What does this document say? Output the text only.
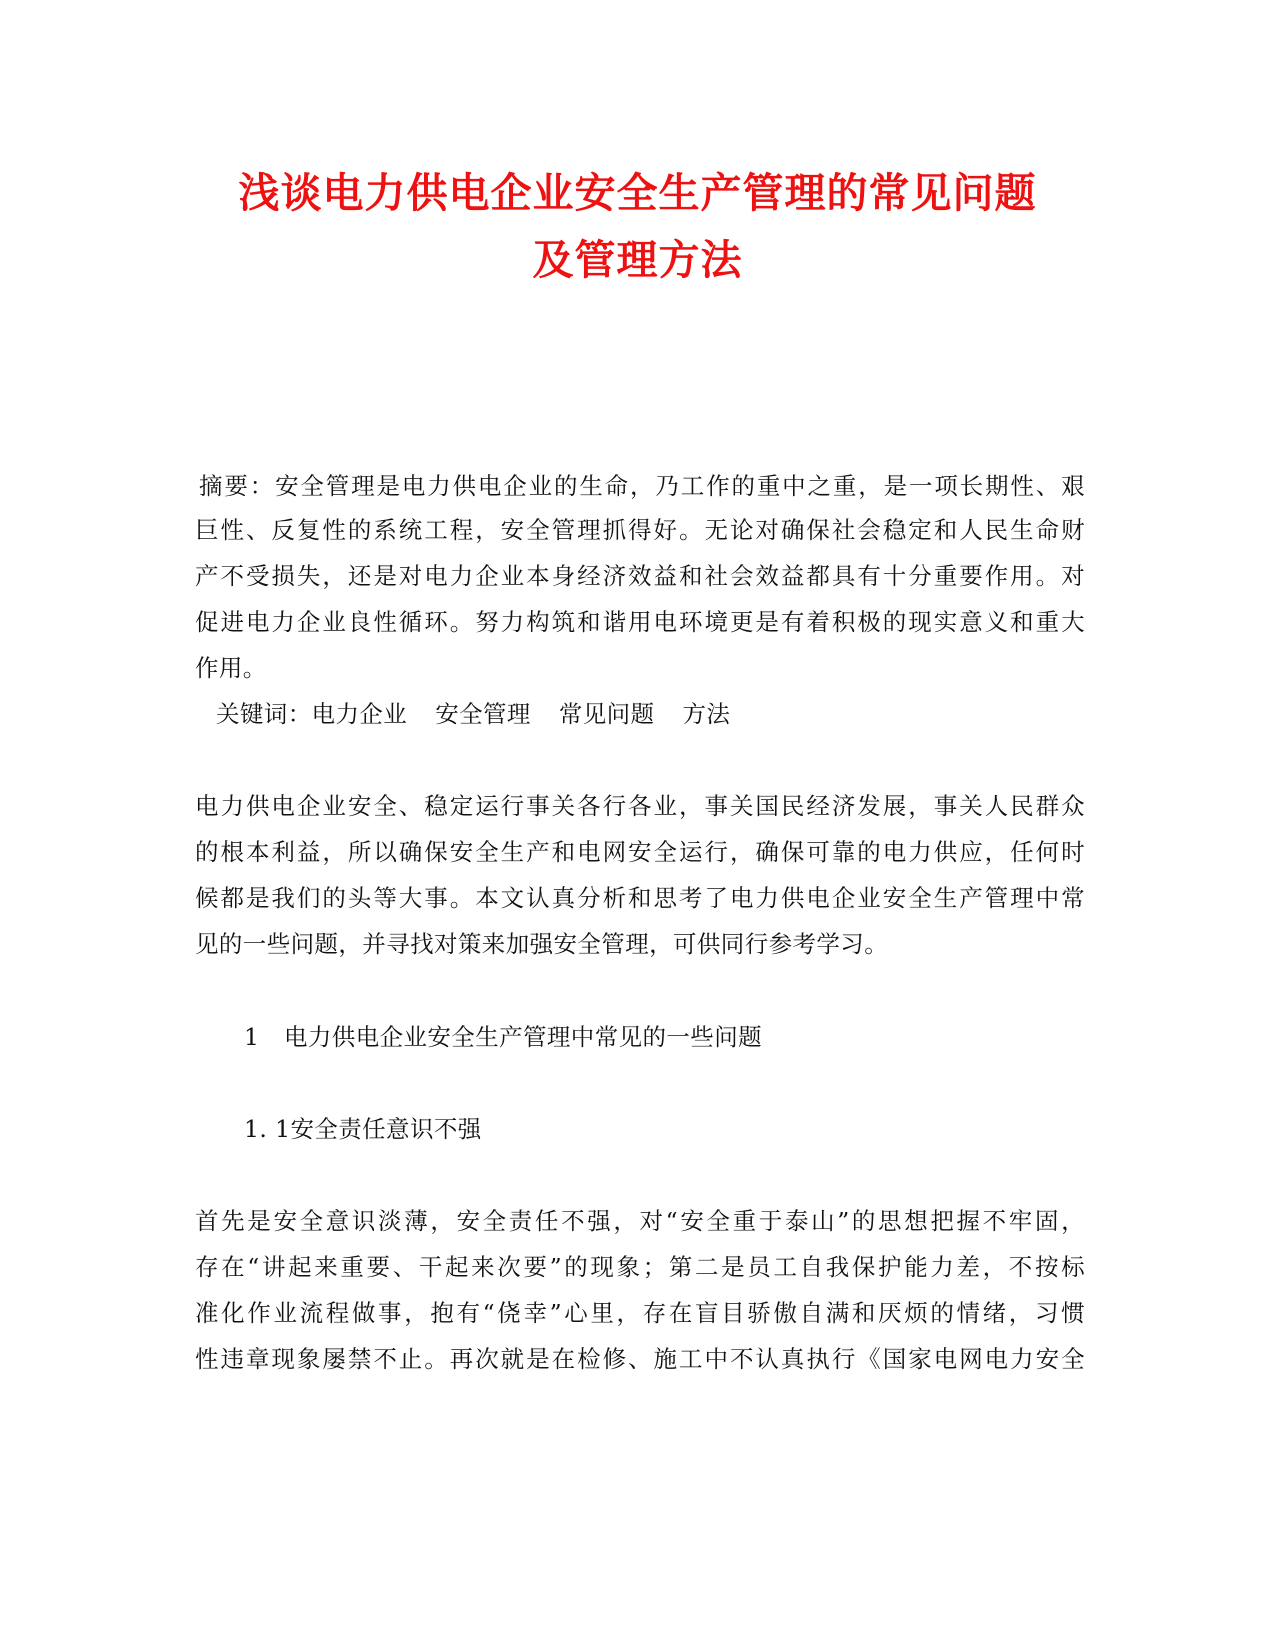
浅谈电力供电企业安全生产管理的常见问题
及管理方法
摘要：安全管理是电力供电企业的生命，乃工作的重中之重，是一项长期性、艰
巨性、反复性的系统工程，安全管理抓得好。无论对确保社会稳定和人民生命财
产不受损失，还是对电力企业本身经济效益和社会效益都具有十分重要作用。对
促进电力企业良性循环。努力构筑和谐用电环境更是有着积极的现实意义和重大
作用。
关键词：电力企业 安全管理 常见问题 方法
电力供电企业安全、稳定运行事关各行各业，事关国民经济发展，事关人民群众
的根本利益，所以确保安全生产和电网安全运行，确保可靠的电力供应，任何时
候都是我们的头等大事。本文认真分析和思考了电力供电企业安全生产管理中常
见的一些问题，并寻找对策来加强安全管理，可供同行参考学习。
1 电力供电企业安全生产管理中常见的一些问题
1. 1安全责任意识不强
首先是安全意识淡薄，安全责任不强，对“安全重于泰山”的思想把握不牢固，
存在“讲起来重要、干起来次要”的现象；第二是员工自我保护能力差，不按标
准化作业流程做事，抱有“侥幸”心里，存在盲目骄傲自满和厌烦的情绪，习惯
性违章现象屡禁不止。再次就是在检修、施工中不认真执行《国家电网电力安全
